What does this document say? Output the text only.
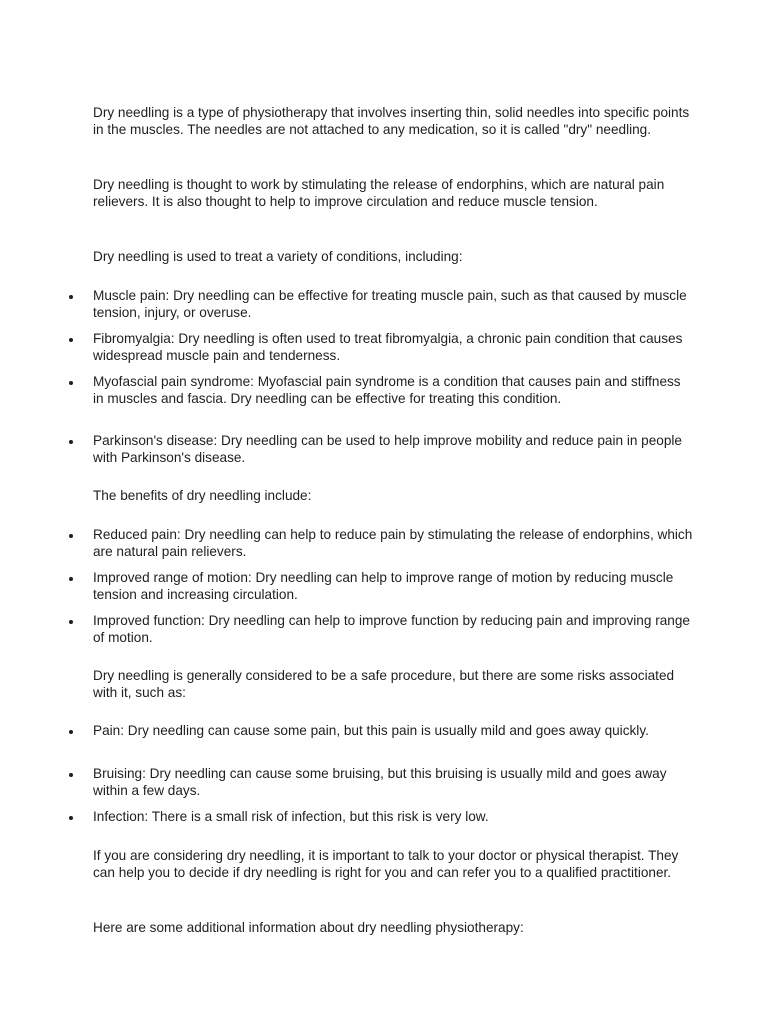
Dry needling is a type of physiotherapy that involves inserting thin, solid needles into specific points in the muscles. The needles are not attached to any medication, so it is called "dry" needling.

Dry needling is thought to work by stimulating the release of endorphins, which are natural pain relievers. It is also thought to help to improve circulation and reduce muscle tension.

Dry needling is used to treat a variety of conditions, including:

Muscle pain: Dry needling can be effective for treating muscle pain, such as that caused by muscle tension, injury, or overuse.

Fibromyalgia: Dry needling is often used to treat fibromyalgia, a chronic pain condition that causes widespread muscle pain and tenderness.

Myofascial pain syndrome: Myofascial pain syndrome is a condition that causes pain and stiffness in muscles and fascia. Dry needling can be effective for treating this condition.

Parkinson's disease: Dry needling can be used to help improve mobility and reduce pain in people with Parkinson's disease.

The benefits of dry needling include:

Reduced pain: Dry needling can help to reduce pain by stimulating the release of endorphins, which are natural pain relievers.

Improved range of motion: Dry needling can help to improve range of motion by reducing muscle tension and increasing circulation.

Improved function: Dry needling can help to improve function by reducing pain and improving range of motion.

Dry needling is generally considered to be a safe procedure, but there are some risks associated with it, such as:

Pain: Dry needling can cause some pain, but this pain is usually mild and goes away quickly.

Bruising: Dry needling can cause some bruising, but this bruising is usually mild and goes away within a few days.

Infection: There is a small risk of infection, but this risk is very low.

If you are considering dry needling, it is important to talk to your doctor or physical therapist. They can help you to decide if dry needling is right for you and can refer you to a qualified practitioner.

Here are some additional information about dry needling physiotherapy:
